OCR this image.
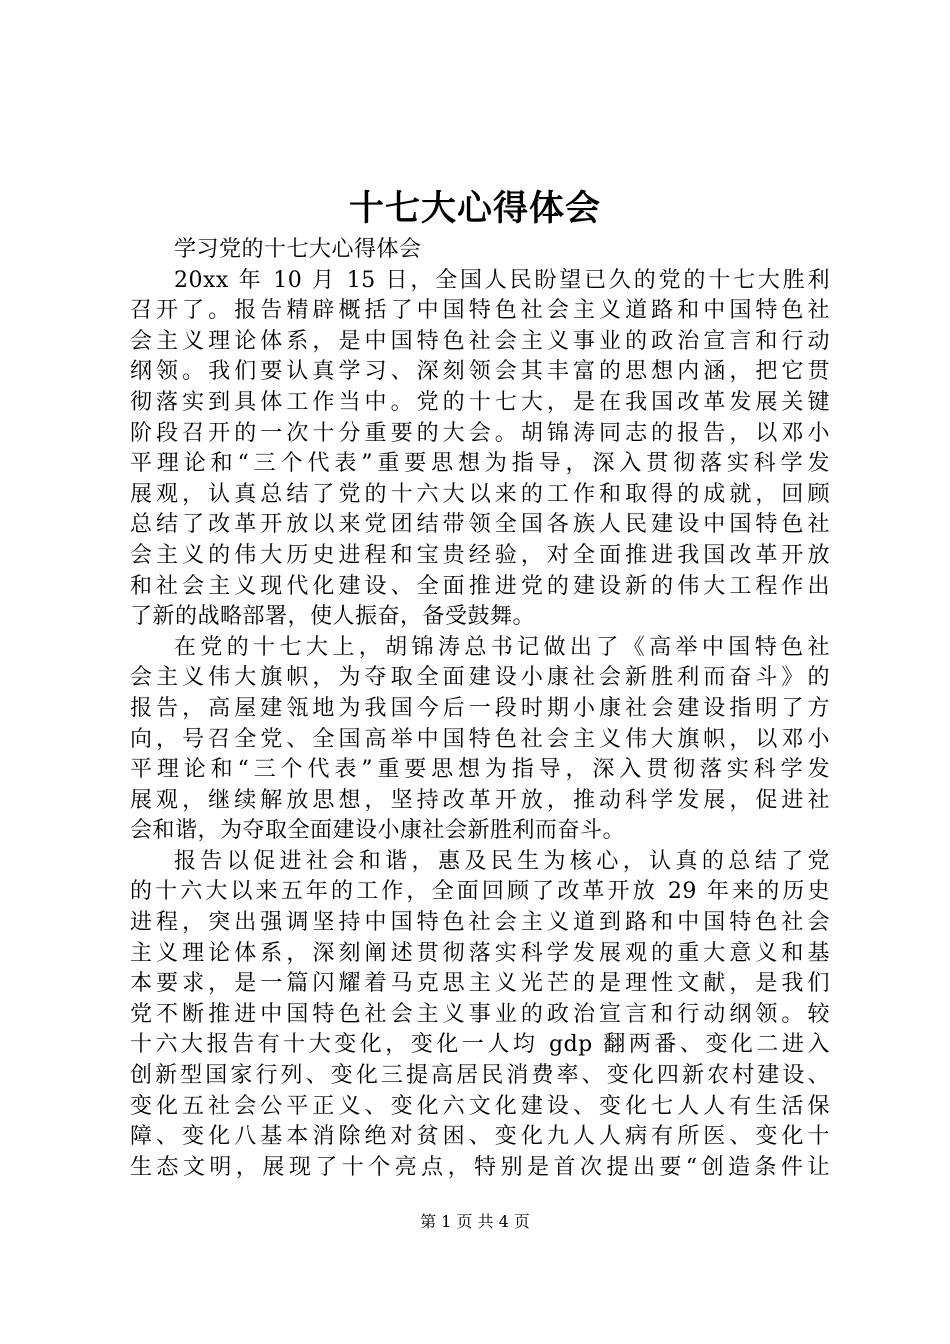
十七大心得体会
学习党的十七大心得体会
20xx 年 10 月 15 日，全国人民盼望已久的党的十七大胜利
召开了。报告精辟概括了中国特色社会主义道路和中国特色社
会主义理论体系，是中国特色社会主义事业的政治宣言和行动
纲领。我们要认真学习、深刻领会其丰富的思想内涵，把它贯
彻落实到具体工作当中。党的十七大，是在我国改革发展关键
阶段召开的一次十分重要的大会。胡锦涛同志的报告，以邓小
平理论和“三个代表”重要思想为指导，深入贯彻落实科学发
展观，认真总结了党的十六大以来的工作和取得的成就，回顾
总结了改革开放以来党团结带领全国各族人民建设中国特色社
会主义的伟大历史进程和宝贵经验，对全面推进我国改革开放
和社会主义现代化建设、全面推进党的建设新的伟大工程作出
了新的战略部署，使人振奋，备受鼓舞。
在党的十七大上，胡锦涛总书记做出了《高举中国特色社
会主义伟大旗帜，为夺取全面建设小康社会新胜利而奋斗》的
报告，高屋建瓴地为我国今后一段时期小康社会建设指明了方
向，号召全党、全国高举中国特色社会主义伟大旗帜，以邓小
平理论和“三个代表”重要思想为指导，深入贯彻落实科学发
展观，继续解放思想，坚持改革开放，推动科学发展，促进社
会和谐，为夺取全面建设小康社会新胜利而奋斗。
报告以促进社会和谐，惠及民生为核心，认真的总结了党
的十六大以来五年的工作，全面回顾了改革开放 29 年来的历史
进程，突出强调坚持中国特色社会主义道到路和中国特色社会
主义理论体系，深刻阐述贯彻落实科学发展观的重大意义和基
本要求，是一篇闪耀着马克思主义光芒的是理性文献，是我们
党不断推进中国特色社会主义事业的政治宣言和行动纲领。较
十六大报告有十大变化，变化一人均 gdp 翻两番、变化二进入
创新型国家行列、变化三提高居民消费率、变化四新农村建设、
变化五社会公平正义、变化六文化建设、变化七人人有生活保
障、变化八基本消除绝对贫困、变化九人人病有所医、变化十
生态文明，展现了十个亮点，特别是首次提出要“创造条件让
第 1 页 共 4 页
